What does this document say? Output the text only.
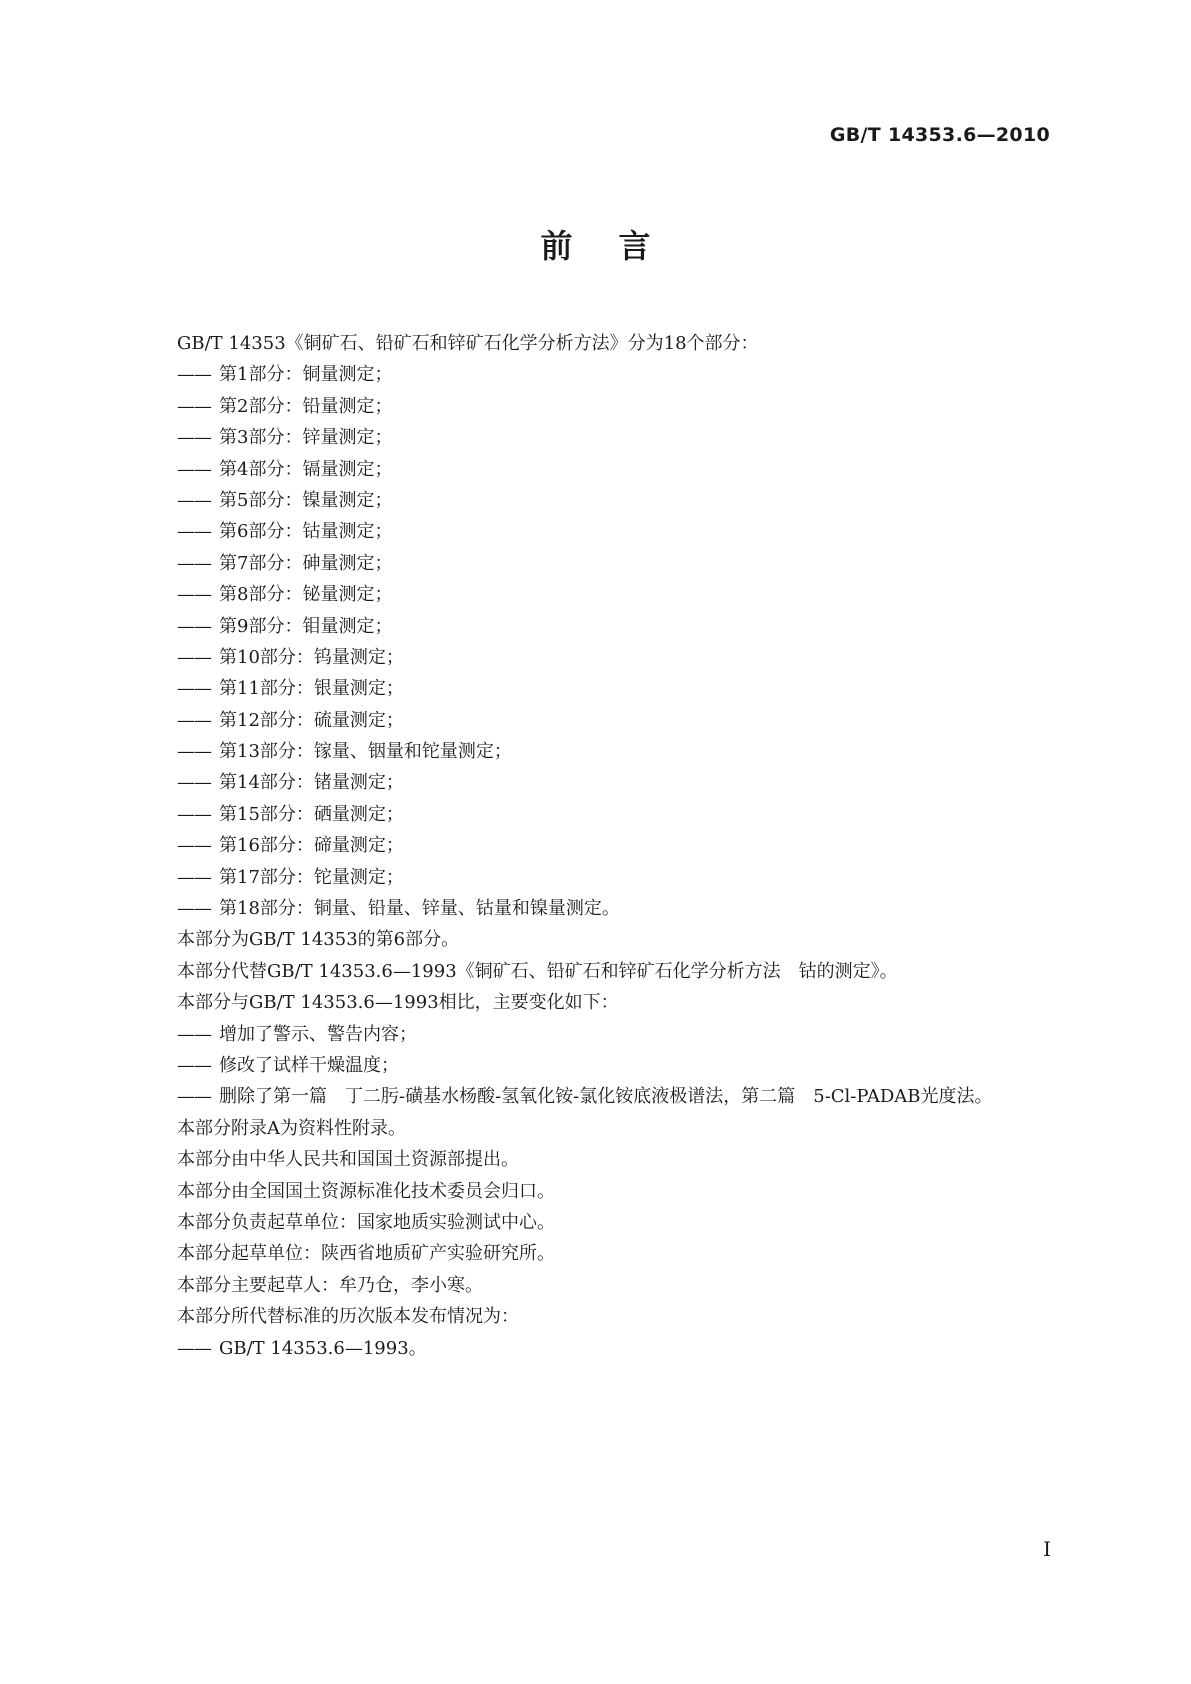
GB/T 14353.6—2010
前言
GB/T 14353《铜矿石、铅矿石和锌矿石化学分析方法》分为18个部分：
—— 第1部分：铜量测定；
—— 第2部分：铅量测定；
—— 第3部分：锌量测定；
—— 第4部分：镉量测定；
—— 第5部分：镍量测定；
—— 第6部分：钴量测定；
—— 第7部分：砷量测定；
—— 第8部分：铋量测定；
—— 第9部分：钼量测定；
—— 第10部分：钨量测定；
—— 第11部分：银量测定；
—— 第12部分：硫量测定；
—— 第13部分：镓量、铟量和铊量测定；
—— 第14部分：锗量测定；
—— 第15部分：硒量测定；
—— 第16部分：碲量测定；
—— 第17部分：铊量测定；
—— 第18部分：铜量、铅量、锌量、钴量和镍量测定。
本部分为GB/T 14353的第6部分。
本部分代替GB/T 14353.6—1993《铜矿石、铅矿石和锌矿石化学分析方法　钴的测定》。
本部分与GB/T 14353.6—1993相比，主要变化如下：
—— 增加了警示、警告内容；
—— 修改了试样干燥温度；
—— 删除了第一篇　丁二肟-磺基水杨酸-氢氧化铵-氯化铵底液极谱法，第二篇　5-Cl-PADAB光度法。
本部分附录A为资料性附录。
本部分由中华人民共和国国土资源部提出。
本部分由全国国土资源标准化技术委员会归口。
本部分负责起草单位：国家地质实验测试中心。
本部分起草单位：陕西省地质矿产实验研究所。
本部分主要起草人：牟乃仓，李小寒。
本部分所代替标准的历次版本发布情况为：
—— GB/T 14353.6—1993。
I
